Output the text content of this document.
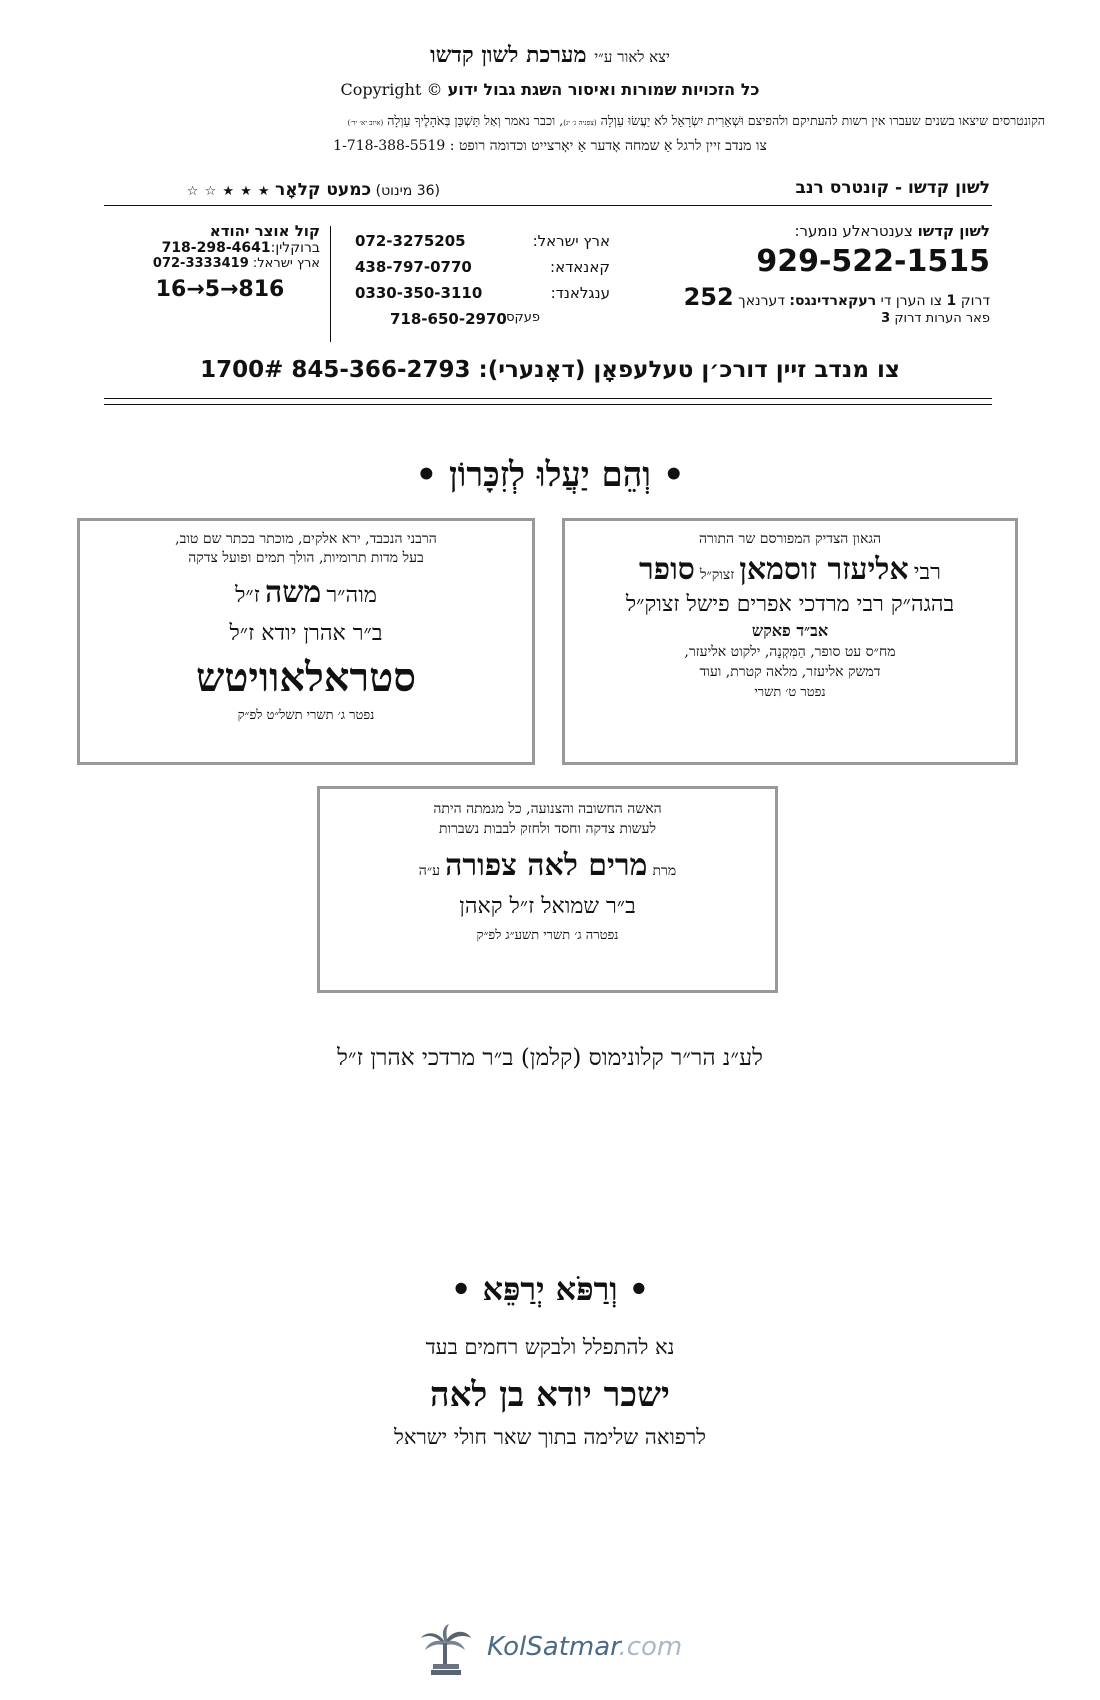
יצא לאור ע״י מערכת לשון קדשו
כל הזכויות שמורות ואיסור השגת גבול ידוע Copyright ©
הקונטרסים שיצאו בשנים שעברו אין רשות להעתיקם ולהפיצם וּשְׁאֵרִית יִשְׂרָאֵל לֹא יַעֲשׂוּ עַוְלָה (צפניה ג׳ יג), וכבר נאמר וְאַל תַּשְׁכֵּן בְּאֹהָלֶיךָ עַוְלָה (איוב יא׳ יד׳)
צו מנדב זיין לרגל אַ שמחה אָדער אַ יאָרצייט וכדומה רופט : 1-718-388-5519
לשון קדשו - קונטרס רנב
(36 מינוט) כמעט קלאָר ★ ★ ★ ☆ ☆
לשון קדשו צענטראלע נומער:
929-522-1515
דרוק 1 צו הערן די רעקארדינגס: דערנאך 252
פאר הערות דרוק 3
ארץ ישראל:
072-3275205
קאנאדא:
438-797-0770
ענגלאנד:
0330-350-3110
פעקס:
718-650-2970
קול אוצר יהודא
ברוקלין:718-298-4641
ארץ ישראל: 072-3333419
16→5→816
צו מנדב זיין דורכ׳ן טעלעפאָן (דאָנערי): 845-366-2793 1700#
• וְהֵם יַעֲלוּ לְזִכָּרוֹן •
הגאון הצדיק המפורסם שר התורה
רבי אליעזר זוסמאן זצוק״ל סופר
בהגה״ק רבי מרדכי אפרים פישל זצוק״ל
אב״ד פאקש
מח״ס עט סופר, הַמִּקְנָה, ילקוט אליעזר,
דמשק אליעזר, מלאה קטרת, ועוד
נפטר ט׳ תשרי
הרבני הנכבד, ירא אלקים, מוכתר בכתר שם טוב,
בעל מדות תרומיות, הולך תמים ופועל צדקה
מוה״ר משה ז״ל
ב״ר אהרן יודא ז״ל
סטראלאוויטש
נפטר ג׳ תשרי תשל״ט לפ״ק
האשה החשובה והצנועה, כל מגמתה היתה
לעשות צדקה וחסד ולחזק לבבות נשברות
מרת מרים לאה צפורה ע״ה
ב״ר שמואל ז״ל קאהן
נפטרה ג׳ תשרי תשע״ג לפ״ק
לע״נ הר״ר קלונימוס (קלמן) ב״ר מרדכי אהרן ז״ל
• וְרַפֹּא יְרַפֵּא •
נא להתפלל ולבקש רחמים בעד
ישכר יודא בן לאה
לרפואה שלימה בתוך שאר חולי ישראל
KolSatmar.com
